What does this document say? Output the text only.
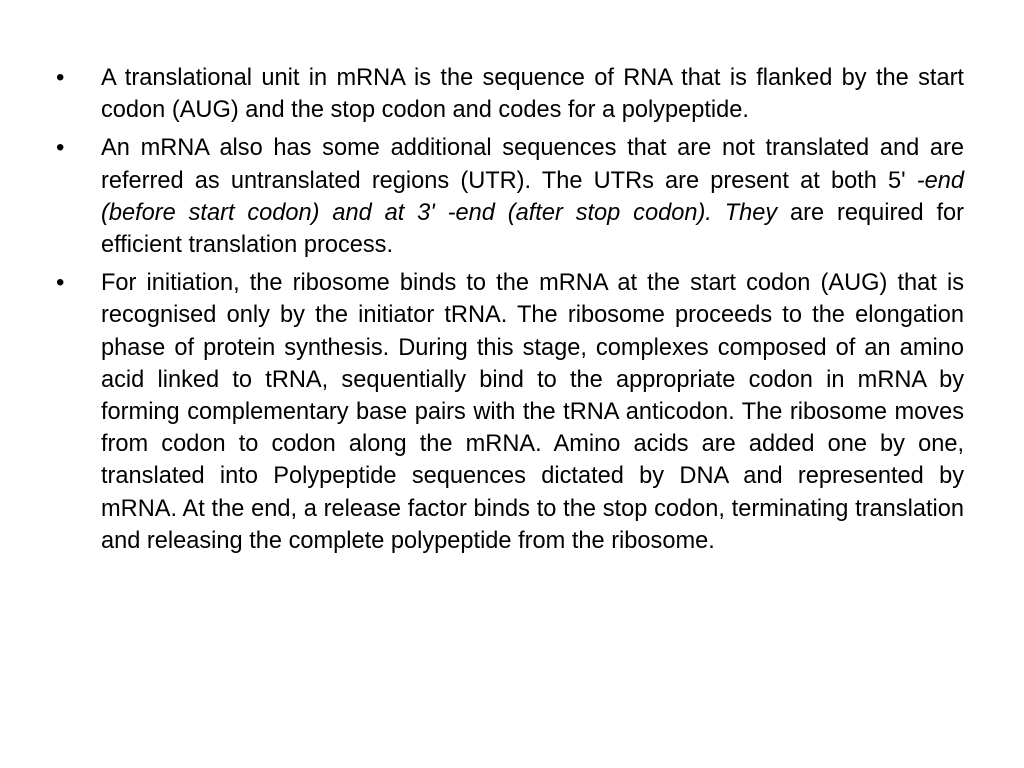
• A translational unit in mRNA is the sequence of RNA that is flanked by the start codon (AUG) and the stop codon and codes for a polypeptide.
• An mRNA also has some additional sequences that are not translated and are referred as untranslated regions (UTR). The UTRs are present at both 5' -end (before start codon) and at 3' -end (after stop codon). They are required for efficient translation process.
• For initiation, the ribosome binds to the mRNA at the start codon (AUG) that is recognised only by the initiator tRNA. The ribosome proceeds to the elongation phase of protein synthesis. During this stage, complexes composed of an amino acid linked to tRNA, sequentially bind to the appropriate codon in mRNA by forming complementary base pairs with the tRNA anticodon. The ribosome moves from codon to codon along the mRNA. Amino acids are added one by one, translated into Polypeptide sequences dictated by DNA and represented by mRNA. At the end, a release factor binds to the stop codon, terminating translation and releasing the complete polypeptide from the ribosome.
